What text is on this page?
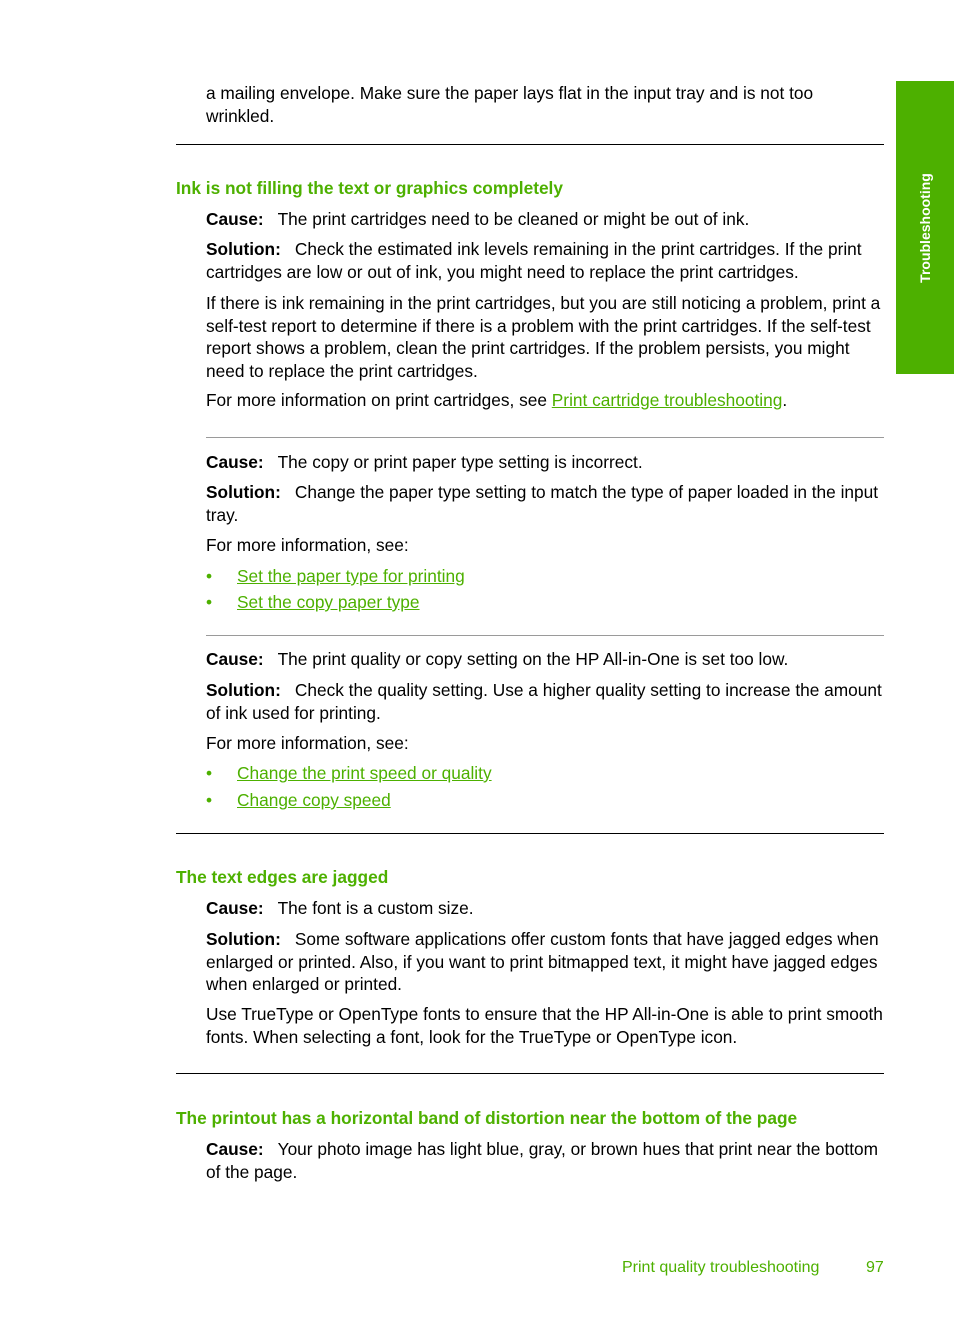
Troubleshooting

a mailing envelope. Make sure the paper lays flat in the input tray and is not too wrinkled.

Ink is not filling the text or graphics completely

Cause: The print cartridges need to be cleaned or might be out of ink.

Solution: Check the estimated ink levels remaining in the print cartridges. If the print cartridges are low or out of ink, you might need to replace the print cartridges.

If there is ink remaining in the print cartridges, but you are still noticing a problem, print a self-test report to determine if there is a problem with the print cartridges. If the self-test report shows a problem, clean the print cartridges. If the problem persists, you might need to replace the print cartridges.

For more information on print cartridges, see Print cartridge troubleshooting.

Cause: The copy or print paper type setting is incorrect.

Solution: Change the paper type setting to match the type of paper loaded in the input tray.

For more information, see:

• Set the paper type for printing
• Set the copy paper type

Cause: The print quality or copy setting on the HP All-in-One is set too low.

Solution: Check the quality setting. Use a higher quality setting to increase the amount of ink used for printing.

For more information, see:

• Change the print speed or quality
• Change copy speed
The text edges are jagged

Cause: The font is a custom size.

Solution: Some software applications offer custom fonts that have jagged edges when enlarged or printed. Also, if you want to print bitmapped text, it might have jagged edges when enlarged or printed.

Use TrueType or OpenType fonts to ensure that the HP All-in-One is able to print smooth fonts. When selecting a font, look for the TrueType or OpenType icon.

The printout has a horizontal band of distortion near the bottom of the page

Cause: Your photo image has light blue, gray, or brown hues that print near the bottom of the page.

Print quality troubleshooting	97
